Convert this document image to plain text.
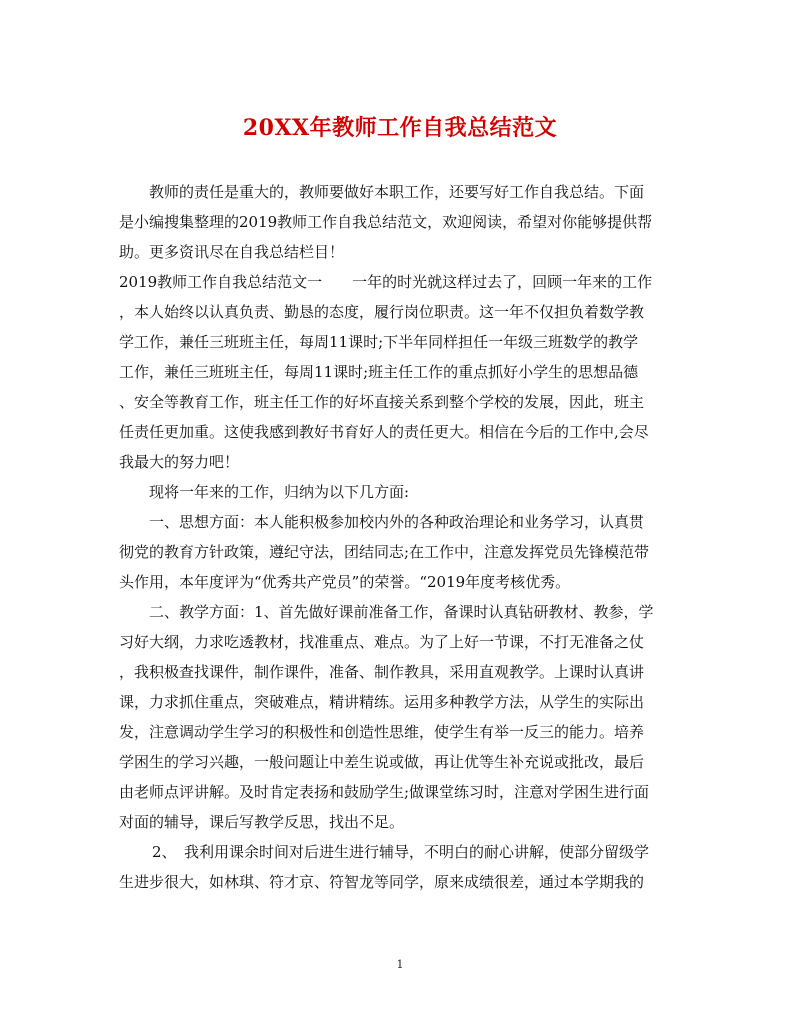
20XX年教师工作自我总结范文

教师的责任是重大的，教师要做好本职工作，还要写好工作自我总结。下面

是小编搜集整理的2019教师工作自我总结范文，欢迎阅读，希望对你能够提供帮

助。更多资讯尽在自我总结栏目！

2019教师工作自我总结范文一　　一年的时光就这样过去了，回顾一年来的工作

，本人始终以认真负责、勤恳的态度，履行岗位职责。这一年不仅担负着数学教

学工作，兼任三班班主任，每周11课时;下半年同样担任一年级三班数学的教学

工作，兼任三班班主任，每周11课时;班主任工作的重点抓好小学生的思想品德

、安全等教育工作，班主任工作的好坏直接关系到整个学校的发展，因此，班主

任责任更加重。这使我感到教好书育好人的责任更大。相信在今后的工作中,会尽

我最大的努力吧！

现将一年来的工作，归纳为以下几方面:

一、思想方面：本人能积极参加校内外的各种政治理论和业务学习，认真贯

彻党的教育方针政策，遵纪守法，团结同志;在工作中，注意发挥党员先锋模范带

头作用，本年度评为“优秀共产党员”的荣誉。“2019年度考核优秀。

二、教学方面：1、首先做好课前准备工作，备课时认真钻研教材、教参，学

习好大纲，力求吃透教材，找准重点、难点。为了上好一节课，不打无准备之仗

，我积极查找课件，制作课件，准备、制作教具，采用直观教学。上课时认真讲

课，力求抓住重点，突破难点，精讲精练。运用多种教学方法，从学生的实际出

发，注意调动学生学习的积极性和创造性思维，使学生有举一反三的能力。培养

学困生的学习兴趣，一般问题让中差生说或做，再让优等生补充说或批改，最后

由老师点评讲解。及时肯定表扬和鼓励学生;做课堂练习时，注意对学困生进行面

对面的辅导，课后写教学反思，找出不足。

2、　我利用课余时间对后进生进行辅导，不明白的耐心讲解，使部分留级学

生进步很大，如林琪、符才京、符智龙等同学，原来成绩很差，通过本学期我的

1
